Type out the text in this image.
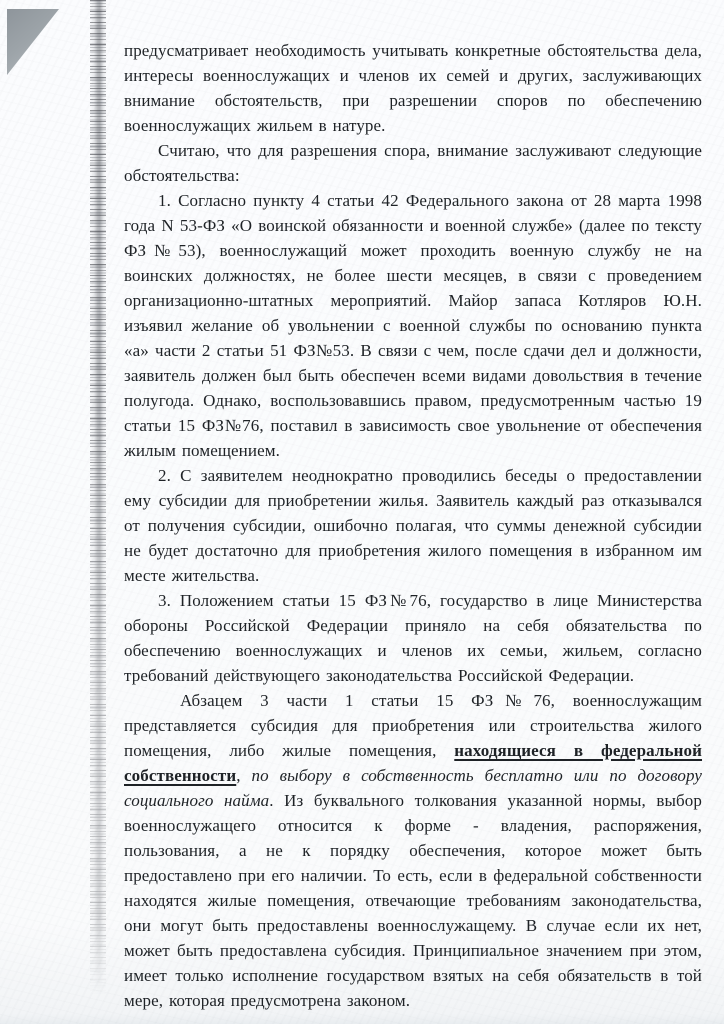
предусматривает необходимость учитывать конкретные обстоятельства дела, интересы военнослужащих и членов их семей и других, заслуживающих внимание обстоятельств, при разрешении споров по обеспечению военнослужащих жильем в натуре.

Считаю, что для разрешения спора, внимание заслуживают следующие обстоятельства:

1. Согласно пункту 4 статьи 42 Федерального закона от 28 марта 1998 года N 53-ФЗ «О воинской обязанности и военной службе» (далее по тексту ФЗ№53), военнослужащий может проходить военную службу не на воинских должностях, не более шести месяцев, в связи с проведением организационно-штатных мероприятий. Майор запаса Котляров Ю.Н. изъявил желание об увольнении с военной службы по основанию пункта «а» части 2 статьи 51 ФЗ№53. В связи с чем, после сдачи дел и должности, заявитель должен был быть обеспечен всеми видами довольствия в течение полугода. Однако, воспользовавшись правом, предусмотренным частью 19 статьи 15 ФЗ№76, поставил в зависимость свое увольнение от обеспечения жилым помещением.

2. С заявителем неоднократно проводились беседы о предоставлении ему субсидии для приобретении жилья. Заявитель каждый раз отказывался от получения субсидии, ошибочно полагая, что суммы денежной субсидии не будет достаточно для приобретения жилого помещения в избранном им месте жительства.

3. Положением статьи 15 ФЗ№76, государство в лице Министерства обороны Российской Федерации приняло на себя обязательства по обеспечению военнослужащих и членов их семьи, жильем, согласно требований действующего законодательства Российской Федерации.

Абзацем 3 части 1 статьи 15 ФЗ№76, военнослужащим представляется субсидия для приобретения или строительства жилого помещения, либо жилые помещения, находящиеся в федеральной собственности, по выбору в собственность бесплатно или по договору социального найма. Из буквального толкования указанной нормы, выбор военнослужащего относится к форме - владения, распоряжения, пользования, а не к порядку обеспечения, которое может быть предоставлено при его наличии. То есть, если в федеральной собственности находятся жилые помещения, отвечающие требованиям законодательства, они могут быть предоставлены военнослужащему. В случае если их нет, может быть предоставлена субсидия. Принципиальное значением при этом, имеет только исполнение государством взятых на себя обязательств в той мере, которая предусмотрена законом.
